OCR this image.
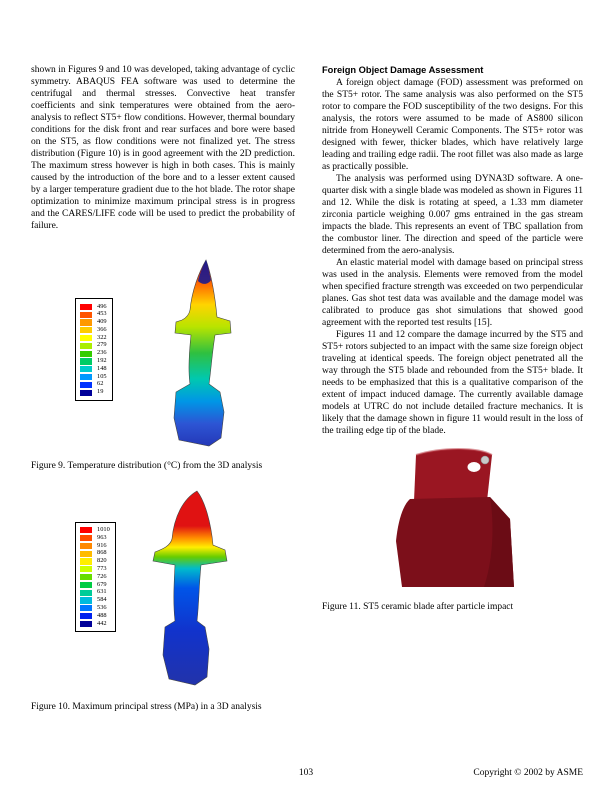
shown in Figures 9 and 10 was developed, taking advantage of cyclic symmetry. ABAQUS FEA software was used to determine the centrifugal and thermal stresses. Convective heat transfer coefficients and sink temperatures were obtained from the aero-analysis to reflect ST5+ flow conditions. However, thermal boundary conditions for the disk front and rear surfaces and bore were based on the ST5, as flow conditions were not finalized yet. The stress distribution (Figure 10) is in good agreement with the 2D prediction. The maximum stress however is high in both cases. This is mainly caused by the introduction of the bore and to a lesser extent caused by a larger temperature gradient due to the hot blade. The rotor shape optimization to minimize maximum principal stress is in progress and the CARES/LIFE code will be used to predict the probability of failure.

496
453
409
366
322
279
236
192
148
105
62
19

Figure 9. Temperature distribution (°C) from the 3D analysis

1010
963
916
868
820
773
726
679
631
584
536
488
442

Figure 10. Maximum principal stress (MPa) in a 3D analysis

Foreign Object Damage Assessment

A foreign object damage (FOD) assessment was preformed on the ST5+ rotor. The same analysis was also performed on the ST5 rotor to compare the FOD susceptibility of the two designs. For this analysis, the rotors were assumed to be made of AS800 silicon nitride from Honeywell Ceramic Components. The ST5+ rotor was designed with fewer, thicker blades, which have relatively large leading and trailing edge radii. The root fillet was also made as large as practically possible.

The analysis was performed using DYNA3D software. A one-quarter disk with a single blade was modeled as shown in Figures 11 and 12. While the disk is rotating at speed, a 1.33 mm diameter zirconia particle weighing 0.007 gms entrained in the gas stream impacts the blade. This represents an event of TBC spallation from the combustor liner. The direction and speed of the particle were determined from the aero-analysis.

An elastic material model with damage based on principal stress was used in the analysis. Elements were removed from the model when specified fracture strength was exceeded on two perpendicular planes. Gas shot test data was available and the damage model was calibrated to produce gas shot simulations that showed good agreement with the reported test results [15].

Figures 11 and 12 compare the damage incurred by the ST5 and ST5+ rotors subjected to an impact with the same size foreign object traveling at identical speeds. The foreign object penetrated all the way through the ST5 blade and rebounded from the ST5+ blade. It needs to be emphasized that this is a qualitative comparison of the extent of impact induced damage. The currently available damage models at UTRC do not include detailed fracture mechanics. It is likely that the damage shown in figure 11 would result in the loss of the trailing edge tip of the blade.

Figure 11. ST5 ceramic blade after particle impact

103	Copyright © 2002 by ASME
